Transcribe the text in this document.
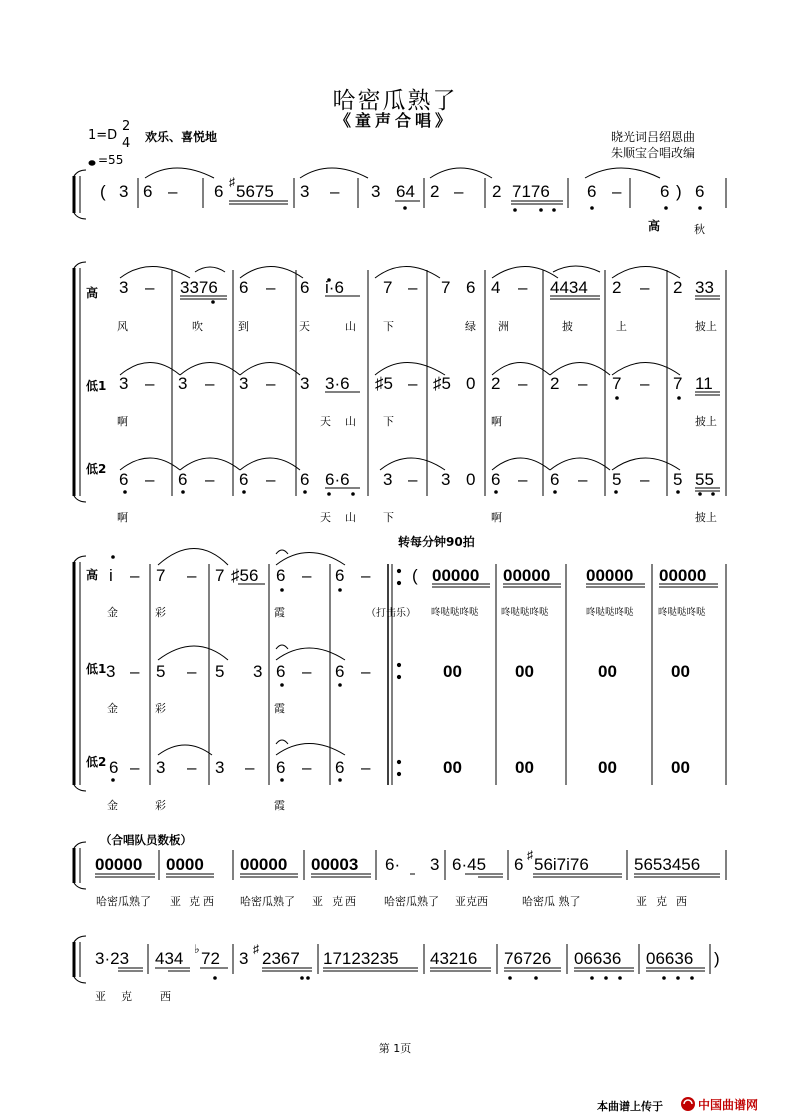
哈密瓜熟了
《童声合唱》
1=D
2
4 欢乐、喜悦地
=55
晓光词吕绍恩曲
朱顺宝合唱改编
( 3 6 – 6 ♯ 5675 3 – 3 64 2 – 2 7176 6 – 6 ) 6
高	秋
高
低1
低2
3 – 3376 6 – 6 i·6 7 – 7 6 4 – 4434 2 – 2 33
风	吹	到	天	山 下	绿 洲	披	上	披上
3 – 3 – 3 – 3 3·6 ♯5 – ♯5 0 2 – 2 – 7 – 7 11
啊	天 山 下	啊	披上
6 – 6 – 6 – 6 6·6 3 – 3 0 6 – 6 – 5 – 5 55
啊	天 山 下	啊	披上
转每分钟90拍
高
低1
低2
i – 7 – 7 ♯56 6 – 6 – ( 00000 00000 00000 00000
金	彩	霞	（打击乐） 咚哒哒咚哒 咚哒哒咚哒	咚哒哒咚哒	咚哒哒咚哒
3 – 5 – 5 3 6 – 6 –	00	00	00	00
金	彩	霞
6 – 3 – 3 – 6 – 6 –	00	00	00	00
金	彩	霞
（合唱队员数板）
00000 0000 00000 00003 6· 3 6·45 6 ♯ 56i7i76	5653456
哈密瓜熟了 亚 克 西 哈密瓜熟了 亚 克 西	哈密瓜熟了 亚克西	哈密瓜 熟了	亚 克 西
3·23 434 ♭ 72 3 ♯ 2367 17123235 43216 76726 06636 06636 )
亚 克	西
第 1页
本曲谱上传于	中国曲谱网
